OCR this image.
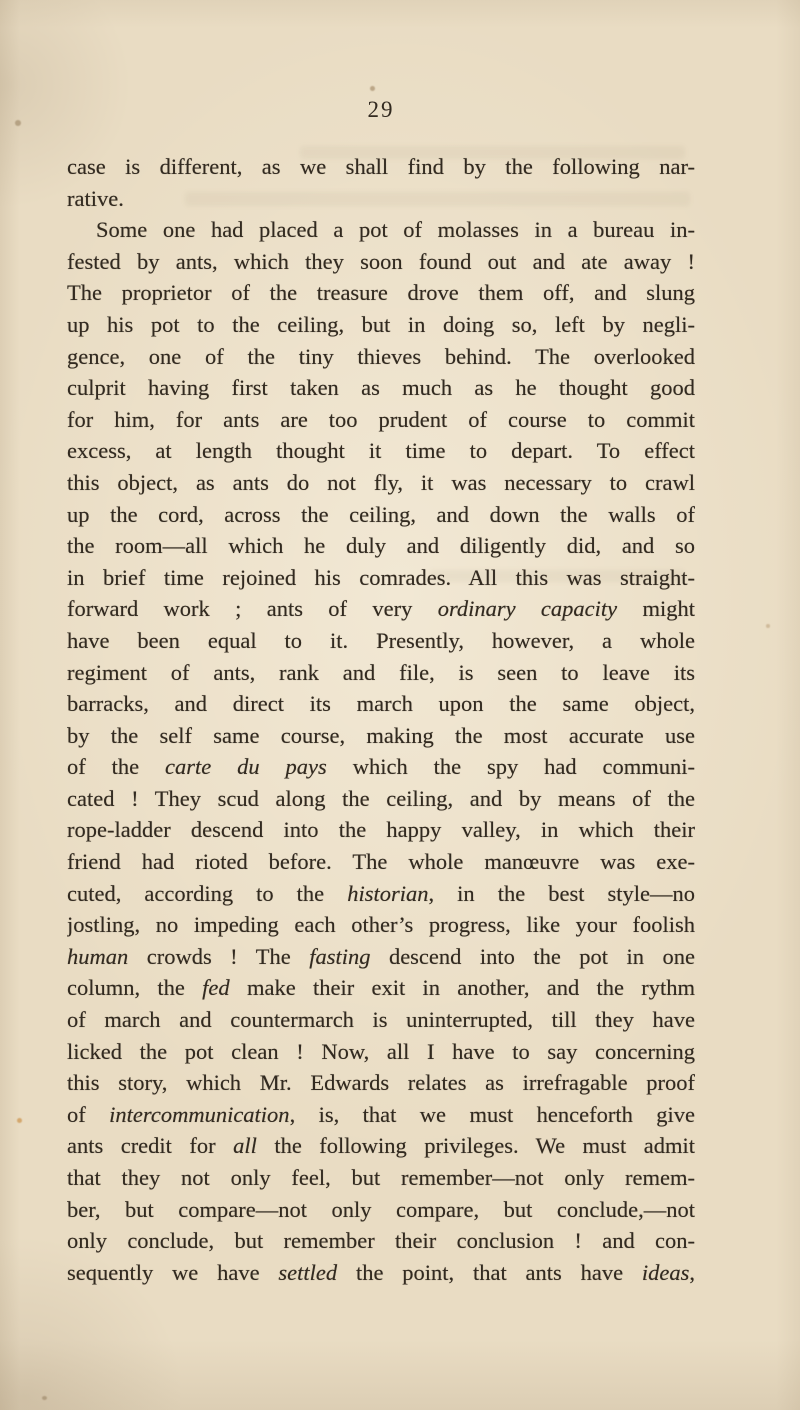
29
case is different, as we shall find by the following nar-
rative.
Some one had placed a pot of molasses in a bureau in-
fested by ants, which they soon found out and ate away !
The proprietor of the treasure drove them off, and slung
up his pot to the ceiling, but in doing so, left by negli-
gence, one of the tiny thieves behind. The overlooked
culprit having first taken as much as he thought good
for him, for ants are too prudent of course to commit
excess, at length thought it time to depart. To effect
this object, as ants do not fly, it was necessary to crawl
up the cord, across the ceiling, and down the walls of
the room—all which he duly and diligently did, and so
in brief time rejoined his comrades. All this was straight-
forward work ; ants of very ordinary capacity might
have been equal to it. Presently, however, a whole
regiment of ants, rank and file, is seen to leave its
barracks, and direct its march upon the same object,
by the self same course, making the most accurate use
of the carte du pays which the spy had communi-
cated ! They scud along the ceiling, and by means of the
rope-ladder descend into the happy valley, in which their
friend had rioted before. The whole manœuvre was exe-
cuted, according to the historian, in the best style—no
jostling, no impeding each other’s progress, like your foolish
human crowds ! The fasting descend into the pot in one
column, the fed make their exit in another, and the rythm
of march and countermarch is uninterrupted, till they have
licked the pot clean ! Now, all I have to say concerning
this story, which Mr. Edwards relates as irrefragable proof
of intercommunication, is, that we must henceforth give
ants credit for all the following privileges. We must admit
that they not only feel, but remember—not only remem-
ber, but compare—not only compare, but conclude,—not
only conclude, but remember their conclusion ! and con-
sequently we have settled the point, that ants have ideas,
